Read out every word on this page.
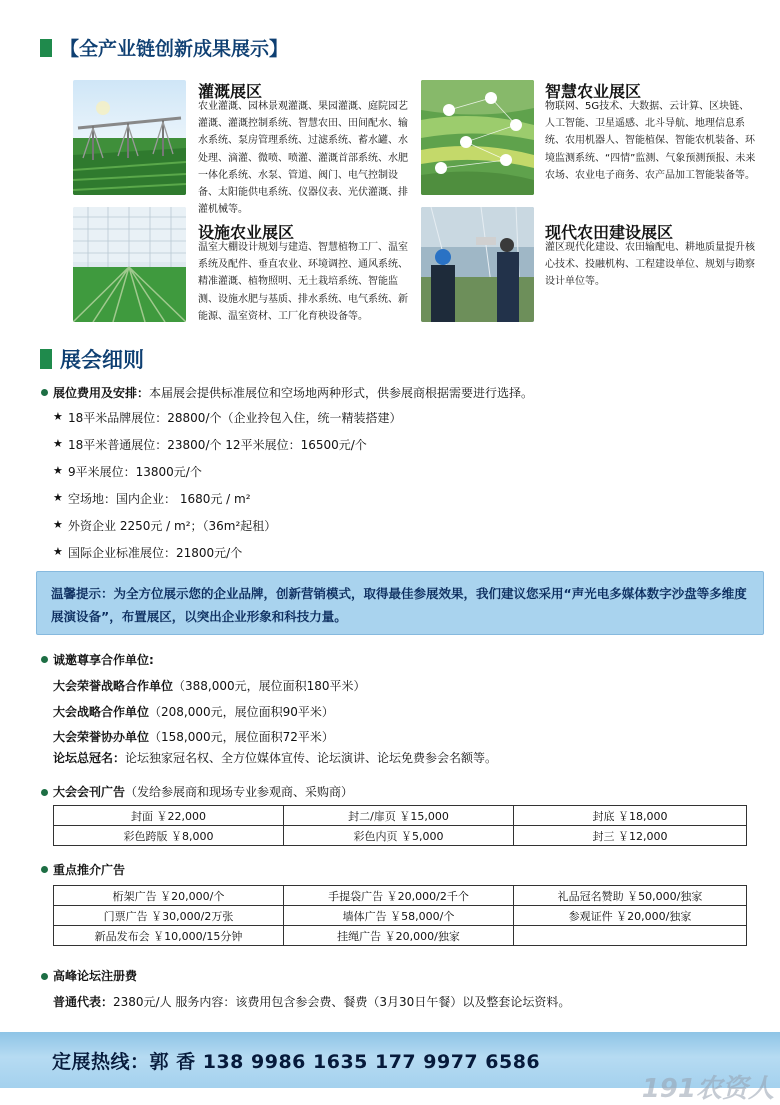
【全产业链创新成果展示】
灌溉展区
农业灌溉、园林景观灌溉、果园灌溉、庭院园艺灌溉、灌溉控制系统、智慧农田、田间配水、输水系统、泵房管理系统、过滤系统、蓄水罐、水处理、滴灌、微喷、喷灌、灌溉首部系统、水肥一体化系统、水泵、管道、阀门、电气控制设备、太阳能供电系统、仪器仪表、光伏灌溉、排灌机械等。
智慧农业展区
物联网、5G技术、大数据、云计算、区块链、人工智能、卫星遥感、北斗导航、地理信息系统、农用机器人、智能植保、智能农机装备、环境监测系统、“四情”监测、气象预测预报、未来农场、农业电子商务、农产品加工智能装备等。
设施农业展区
温室大棚设计规划与建造、智慧植物工厂、温室系统及配件、垂直农业、环境调控、通风系统、精准灌溉、植物照明、无土栽培系统、智能监测、设施水肥与基质、排水系统、电气系统、新能源、温室资材、工厂化育秧设备等。
现代农田建设展区
灌区现代化建设、农田输配电、耕地质量提升核心技术、投融机构、工程建设单位、规划与勘察设计单位等。
展会细则
展位费用及安排：本届展会提供标准展位和空场地两种形式，供参展商根据需要进行选择。
★ 18平米品牌展位：28800/个（企业拎包入住，统一精装搭建）
★ 18平米普通展位：23800/个 12平米展位：16500元/个
★ 9平米展位：13800元/个
★ 空场地：国内企业： 1680元 / m²
★ 外资企业 2250元 / m²；（36m²起租）
★ 国际企业标准展位：21800元/个
温馨提示：为全方位展示您的企业品牌，创新营销模式，取得最佳参展效果，我们建议您采用“声光电多媒体数字沙盘等多维度展演设备”，布置展区，以突出企业形象和科技力量。
诚邀尊享合作单位:
大会荣誉战略合作单位（388,000元，展位面积180平米）
大会战略合作单位（208,000元，展位面积90平米）
大会荣誉协办单位（158,000元，展位面积72平米）
论坛总冠名：论坛独家冠名权、全方位媒体宣传、论坛演讲、论坛免费参会名额等。
大会会刊广告（发给参展商和现场专业参观商、采购商）
封面 ￥22,000	封二/扉页 ￥15,000	封底 ￥18,000
彩色跨版 ￥8,000	彩色内页 ￥5,000	封三 ￥12,000
重点推介广告
桁架广告 ￥20,000/个	手提袋广告 ￥20,000/2千个	礼品冠名赞助 ￥50,000/独家
门票广告 ￥30,000/2万张	墙体广告 ￥58,000/个	参观证件 ￥20,000/独家
新品发布会 ￥10,000/15分钟	挂绳广告 ￥20,000/独家	
高峰论坛注册费
普通代表：2380元/人 服务内容：该费用包含参会费、餐费（3月30日午餐）以及整套论坛资料。
定展热线：郭 香 138 9986 1635 177 9977 6586
191农资人
